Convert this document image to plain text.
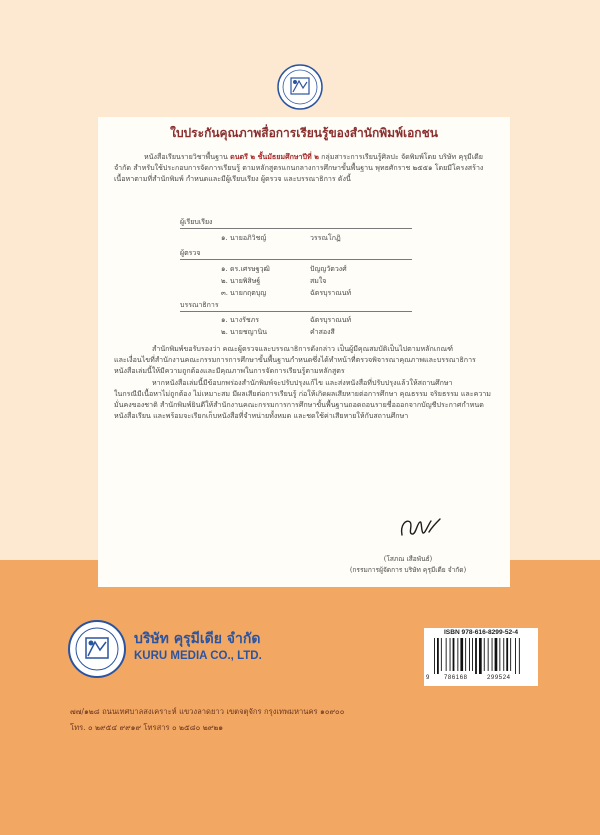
ใบประกันคุณภาพสื่อการเรียนรู้ของสำนักพิมพ์เอกชน

หนังสือเรียนรายวิชาพื้นฐาน ดนตรี ๒ ชั้นมัธยมศึกษาปีที่ ๒ กลุ่มสาระการเรียนรู้ศิลปะ จัดพิมพ์โดย บริษัท คุรุมีเดีย จำกัด สำหรับใช้ประกอบการจัดการเรียนรู้ ตามหลักสูตรแกนกลางการศึกษาขั้นพื้นฐาน พุทธศักราช ๒๕๕๑ โดยมีโครงสร้างเนื้อหาตามที่สำนักพิมพ์ กำหนดและมีผู้เรียบเรียง ผู้ตรวจ และบรรณาธิการ ดังนี้

ผู้เรียบเรียง
๑. นายอภิวิชญ์	วรรณโกฏิ
ผู้ตรวจ
๑. ดร.เศรษฐวุฒิ	ปัญญวัตวงศ์
๒. นายพิสิษฐ์	สมใจ
๓. นายกฤตบุญ	ฉัตรบุราณนท์
สำนักพิมพ์ขอรับรองว่า คณะผู้ตรวจและบรรณาธิการดังกล่าว เป็นผู้มีคุณสมบัติเป็นไปตามหลักเกณฑ์
และเงื่อนไขที่สำนักงานคณะกรรมการการศึกษาขั้นพื้นฐานกำหนดซึ่งได้ทำหน้าที่ตรวจพิจารณาคุณภาพและบรรณาธิการหนังสือเล่มนี้ให้มีความถูกต้องและมีคุณภาพในการจัดการเรียนรู้ตามหลักสูตร
หากหนังสือเล่มนี้มีข้อบกพร่องสำนักพิมพ์จะปรับปรุงแก้ไข และส่งหนังสือที่ปรับปรุงแล้วให้สถานศึกษา
ในกรณีมีเนื้อหาไม่ถูกต้อง ไม่เหมาะสม มีผลเสียต่อการเรียนรู้ ก่อให้เกิดผลเสียหายต่อการศึกษา คุณธรรม จริยธรรม และความมั่นคงของชาติ สำนักพิมพ์ยินดีให้สำนักงานคณะกรรมการการศึกษาขั้นพื้นฐานถอดถอนรายชื่อออกจากบัญชีประกาศกำหนดหนังสือเรียน และพร้อมจะเรียกเก็บหนังสือที่จำหน่ายทั้งหมด และชดใช้ค่าเสียหายให้กับสถานศึกษา
(โสภณ เสือพันธ์)
(กรรมการผู้จัดการ บริษัท คุรุมีเดีย จำกัด)
บรรณาธิการ
๑. นางรัชภร	ฉัตรบุราณนท์
๒. นายชญานิน	คำสองสี
บริษัท คุรุมีเดีย จำกัด
KURU MEDIA CO., LTD.
ISBN 978-616-8299-52-4
9 786168	299524
๗๗/๑๒๘ ถนนเทศบาลสงเคราะห์ แขวงลาดยาว เขตจตุจักร กรุงเทพมหานคร ๑๐๙๐๐
โทร. ๐ ๒๙๕๔ ๙๙๑๙ โทรสาร ๐ ๒๕๘๐ ๒๙๒๑
